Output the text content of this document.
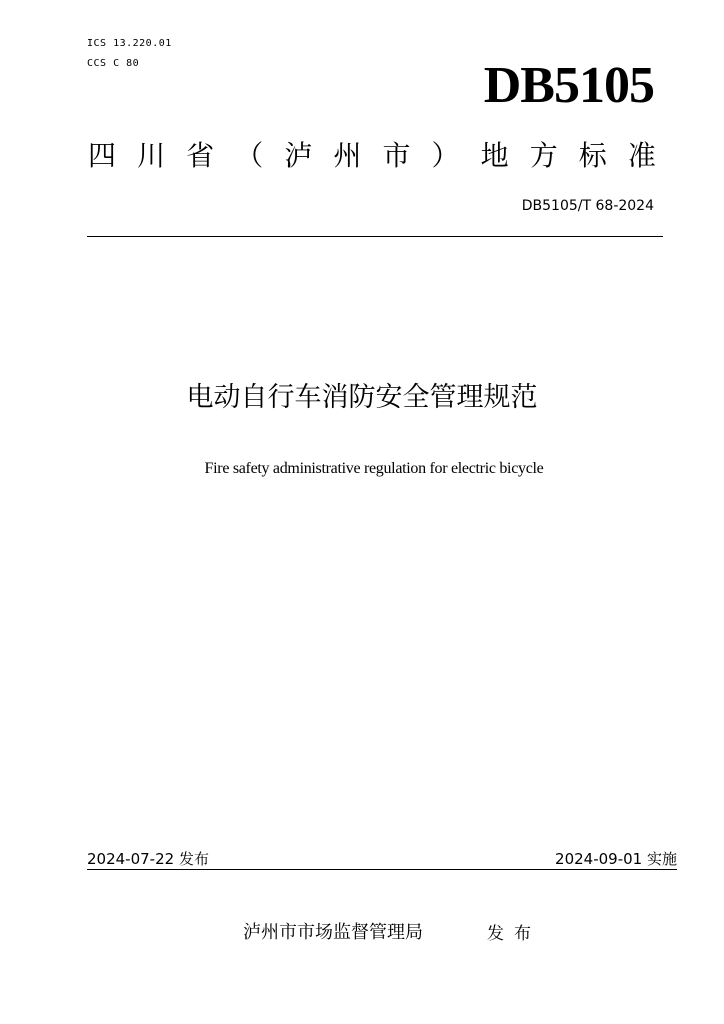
ICS 13.220.01
CCS C 80	DB5105
四 川 省 （ 泸 州 市 ） 地 方 标 准
DB5105/T 68-2024
电动自行车消防安全管理规范
Fire safety administrative regulation for electric bicycle
2024-07-22 发布	2024-09-01 实施
泸州市市场监督管理局	发布
